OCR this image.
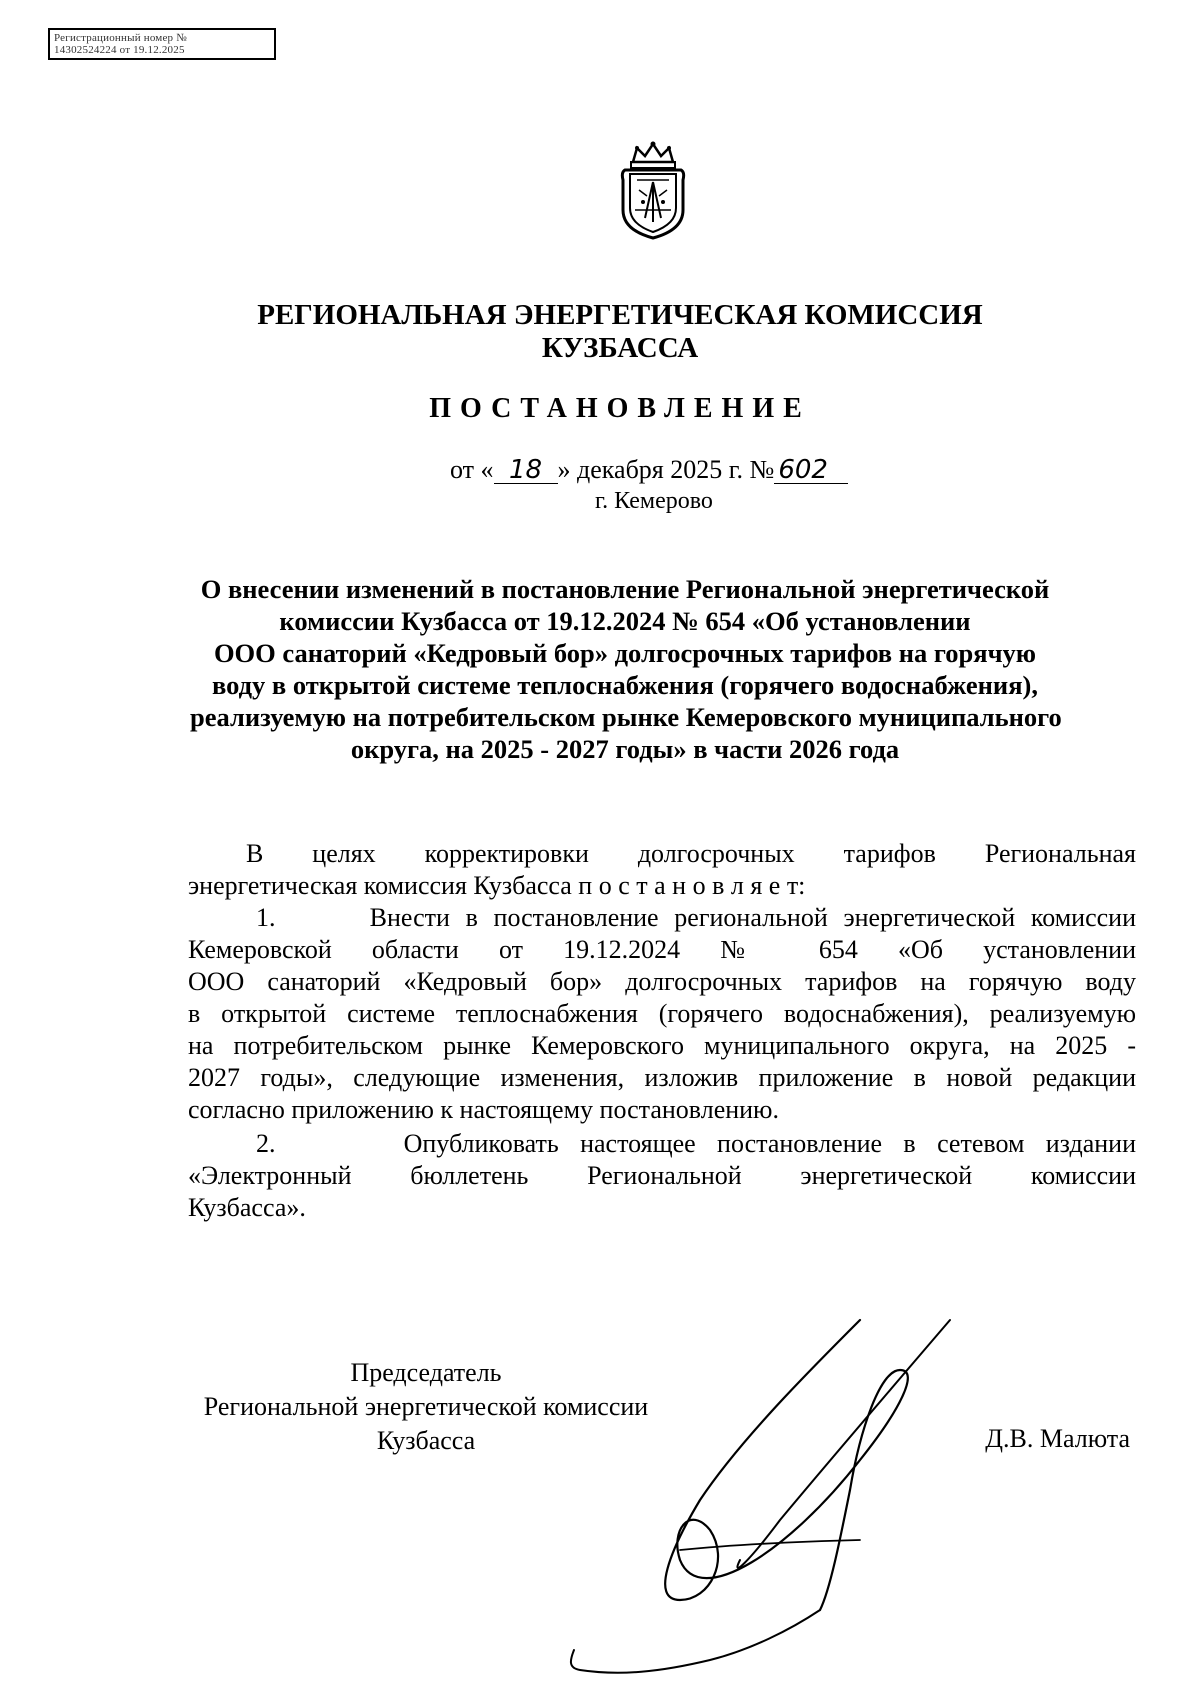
Регистрационный номер №
14302524224 от 19.12.2025
РЕГИОНАЛЬНАЯ ЭНЕРГЕТИЧЕСКАЯ КОМИССИЯ
КУЗБАССА
ПОСТАНОВЛЕНИЕ
от « 18 » декабря 2025 г. № 602
г. Кемерово
О внесении изменений в постановление Региональной энергетической
комиссии Кузбасса от 19.12.2024 № 654 «Об установлении
ООО санаторий «Кедровый бор» долгосрочных тарифов на горячую
воду в открытой системе теплоснабжения (горячего водоснабжения),
реализуемую на потребительском рынке Кемеровского муниципального
округа, на 2025 - 2027 годы» в части 2026 года
В целях корректировки долгосрочных тарифов Региональная
энергетическая комиссия Кузбасса п о с т а н о в л я е т:
1.      Внести в постановление региональной энергетической комиссии
Кемеровской области от 19.12.2024 № 654 «Об установлении
ООО санаторий «Кедровый бор» долгосрочных тарифов на горячую воду
в открытой системе теплоснабжения (горячего водоснабжения), реализуемую
на потребительском рынке Кемеровского муниципального округа, на 2025 -
2027 годы», следующие изменения, изложив приложение в новой редакции
согласно приложению к настоящему постановлению.
2.      Опубликовать настоящее постановление в сетевом издании
«Электронный бюллетень Региональной энергетической комиссии
Кузбасса».
Председатель
Региональной энергетической комиссии
Кузбасса	Д.В. Малюта
